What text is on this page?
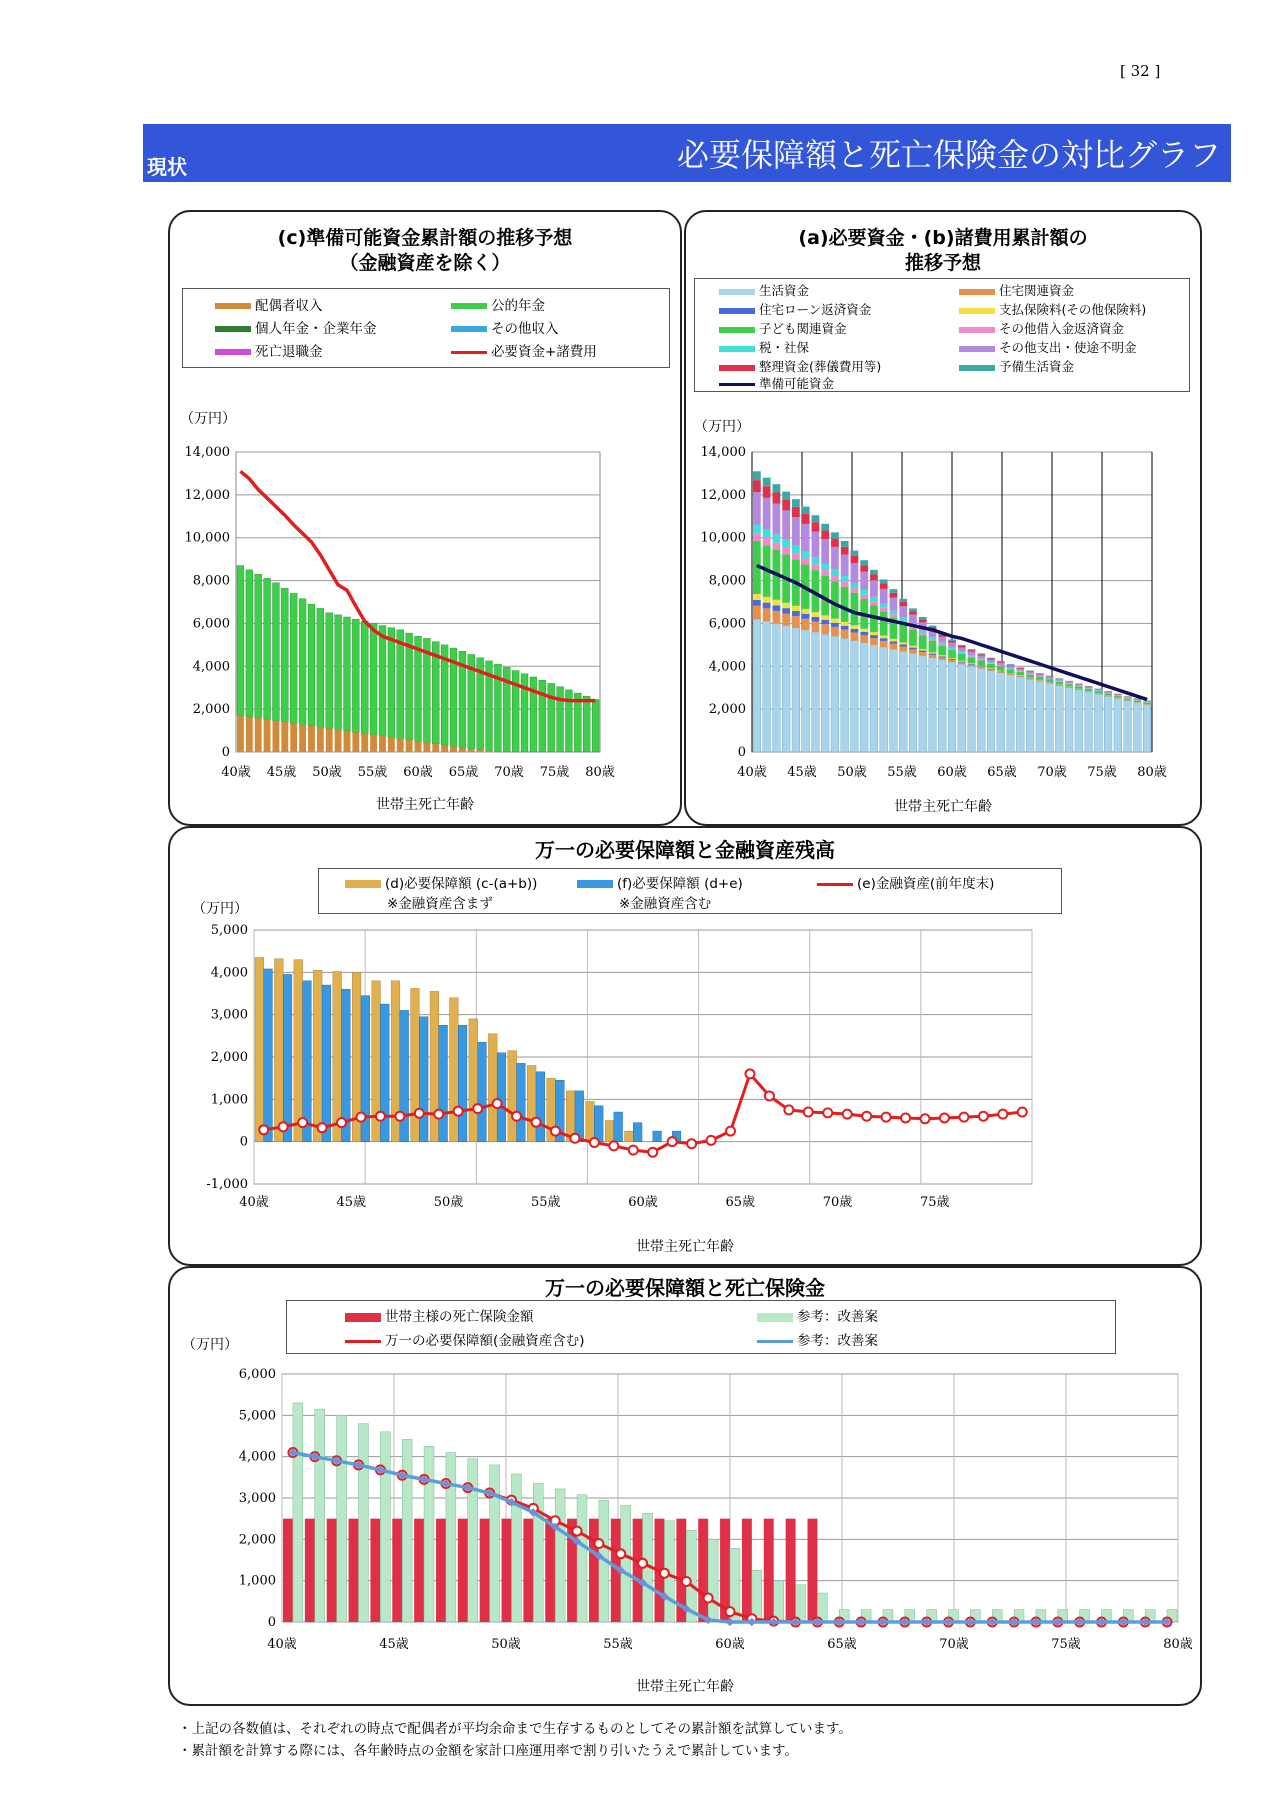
[ 32 ]
現状	必要保障額と死亡保険金の対比グラフ
(c)準備可能資金累計額の推移予想
（金融資産を除く）
配偶者収入	公的年金
個人年金・企業年金	その他収入
死亡退職金	必要資金+諸費用
（万円）
14,000
12,000
10,000
8,000
6,000
4,000
2,000
0
40歳 45歳 50歳 55歳 60歳 65歳 70歳 75歳 80歳
世帯主死亡年齢
(a)必要資金・(b)諸費用累計額の
推移予想
生活資金	住宅関連資金
住宅ローン返済資金	支払保険料(その他保険料)
子ども関連資金	その他借入金返済資金
税・社保	その他支出・使途不明金
整理資金(葬儀費用等)	予備生活資金
準備可能資金
（万円）
14,000
12,000
10,000
8,000
6,000
4,000
2,000
0
40歳 45歳 50歳 55歳 60歳 65歳 70歳 75歳 80歳
世帯主死亡年齢
万一の必要保障額と金融資産残高
(d)必要保障額 (c-(a+b))	(f)必要保障額 (d+e)	(e)金融資産(前年度末)
※金融資産含まず	※金融資産含む
（万円）
5,000
4,000
3,000
2,000
1,000
0
-1,000
40歳	45歳	50歳	55歳	60歳	65歳	70歳	75歳
世帯主死亡年齢
万一の必要保障額と死亡保険金
世帯主様の死亡保険金額	参考：改善案
万一の必要保障額(金融資産含む)	参考：改善案
（万円）
6,000
5,000
4,000
3,000
2,000
1,000
0
40歳	45歳	50歳	55歳	60歳	65歳	70歳	75歳	80歳
世帯主死亡年齢
・上記の各数値は、それぞれの時点で配偶者が平均余命まで生存するものとしてその累計額を試算しています。
・累計額を計算する際には、各年齢時点の金額を家計口座運用率で割り引いたうえで累計しています。
